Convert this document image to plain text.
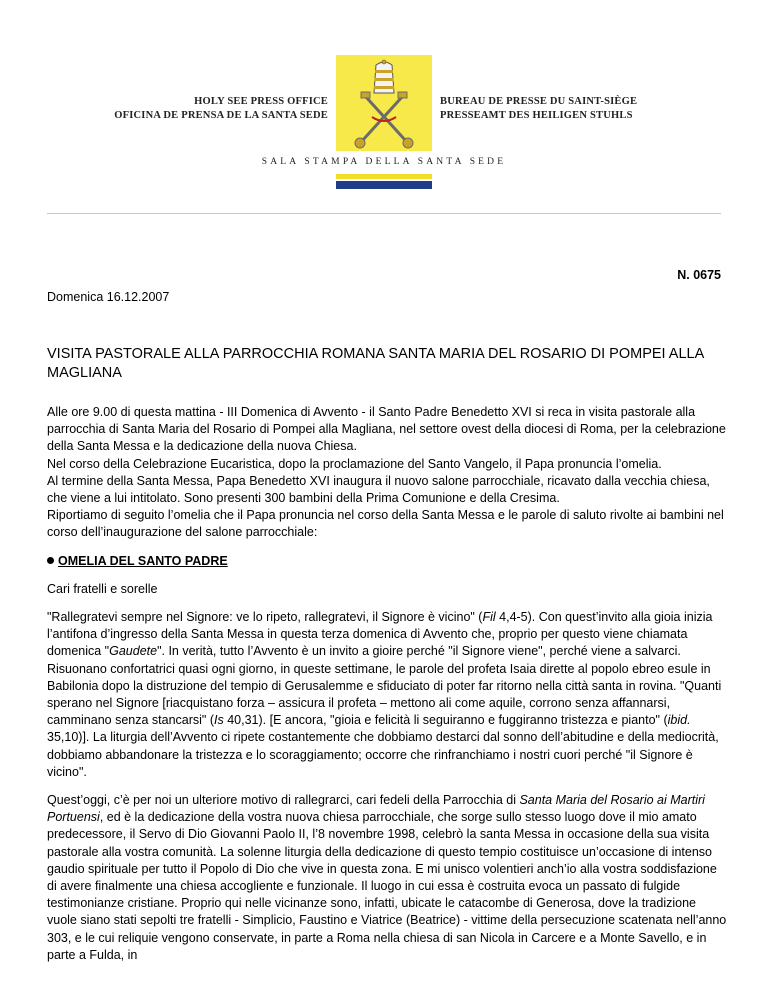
HOLY SEE PRESS OFFICE
OFICINA DE PRENSA DE LA SANTA SEDE
BUREAU DE PRESSE DU SAINT-SIÈGE
PRESSEAMT DES HEILIGEN STUHLS
SALA STAMPA DELLA SANTA SEDE
N. 0675
Domenica 16.12.2007
VISITA PASTORALE ALLA PARROCCHIA ROMANA SANTA MARIA DEL ROSARIO DI POMPEI ALLA MAGLIANA

Alle ore 9.00 di questa mattina - III Domenica di Avvento - il Santo Padre Benedetto XVI si reca in visita pastorale alla parrocchia di Santa Maria del Rosario di Pompei alla Magliana, nel settore ovest della diocesi di Roma, per la celebrazione della Santa Messa e la dedicazione della nuova Chiesa.

Nel corso della Celebrazione Eucaristica, dopo la proclamazione del Santo Vangelo, il Papa pronuncia l’omelia.

Al termine della Santa Messa, Papa Benedetto XVI inaugura il nuovo salone parrocchiale, ricavato dalla vecchia chiesa, che viene a lui intitolato. Sono presenti 300 bambini della Prima Comunione e della Cresima.

Riportiamo di seguito l’omelia che il Papa pronuncia nel corso della Santa Messa e le parole di saluto rivolte ai bambini nel corso dell’inaugurazione del salone parrocchiale:

OMELIA DEL SANTO PADRE

Cari fratelli e sorelle

"Rallegratevi sempre nel Signore: ve lo ripeto, rallegratevi, il Signore è vicino" (Fil 4,4-5). Con quest’invito alla gioia inizia l’antifona d’ingresso della Santa Messa in questa terza domenica di Avvento che, proprio per questo viene chiamata domenica "Gaudete". In verità, tutto l’Avvento è un invito a gioire perché "il Signore viene", perché viene a salvarci. Risuonano confortatrici quasi ogni giorno, in queste settimane, le parole del profeta Isaia dirette al popolo ebreo esule in Babilonia dopo la distruzione del tempio di Gerusalemme e sfiduciato di poter far ritorno nella città santa in rovina. "Quanti sperano nel Signore [riacquistano forza – assicura il profeta – mettono ali come aquile, corrono senza affannarsi, camminano senza stancarsi" (Is 40,31). [E ancora, "gioia e felicità li seguiranno e fuggiranno tristezza e pianto" (ibid. 35,10)]. La liturgia dell’Avvento ci ripete costantemente che dobbiamo destarci dal sonno dell’abitudine e della mediocrità, dobbiamo abbandonare la tristezza e lo scoraggiamento; occorre che rinfranchiamo i nostri cuori perché "il Signore è vicino".

Quest’oggi, c’è per noi un ulteriore motivo di rallegrarci, cari fedeli della Parrocchia di Santa Maria del Rosario ai Martiri Portuensi, ed è la dedicazione della vostra nuova chiesa parrocchiale, che sorge sullo stesso luogo dove il mio amato predecessore, il Servo di Dio Giovanni Paolo II, l’8 novembre 1998, celebrò la santa Messa in occasione della sua visita pastorale alla vostra comunità. La solenne liturgia della dedicazione di questo tempio costituisce un’occasione di intenso gaudio spirituale per tutto il Popolo di Dio che vive in questa zona. E mi unisco volentieri anch’io alla vostra soddisfazione di avere finalmente una chiesa accogliente e funzionale. Il luogo in cui essa è costruita evoca un passato di fulgide testimonianze cristiane. Proprio qui nelle vicinanze sono, infatti, ubicate le catacombe di Generosa, dove la tradizione vuole siano stati sepolti tre fratelli - Simplicio, Faustino e Viatrice (Beatrice) - vittime della persecuzione scatenata nell’anno 303, e le cui reliquie vengono conservate, in parte a Roma nella chiesa di san Nicola in Carcere e a Monte Savello, e in parte a Fulda, in
